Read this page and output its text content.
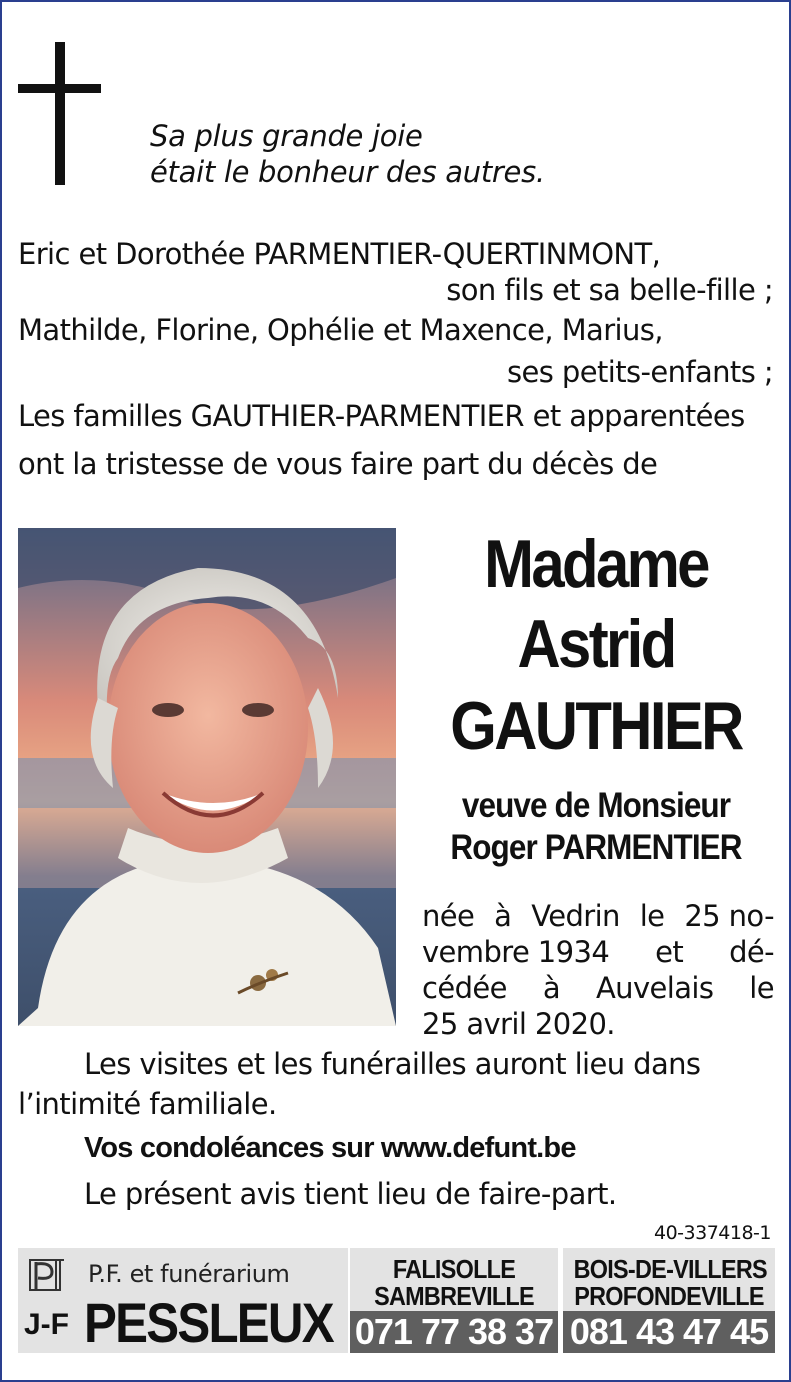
Sa plus grande joie
était le bonheur des autres.
Eric et Dorothée PARMENTIER-QUERTINMONT,
son fils et sa belle-fille ;
Mathilde, Florine, Ophélie et Maxence, Marius,
ses petits-enfants ;
Les familles GAUTHIER-PARMENTIER et apparentées
ont la tristesse de vous faire part du décès de
Madame
Astrid
GAUTHIER
veuve de Monsieur
Roger PARMENTIER
née à Vedrin le 25 no-
vembre 1934 et dé-
cédée à Auvelais le
25 avril 2020.
Les visites et les funérailles auront lieu dans
l’intimité familiale.
Vos condoléances sur www.defunt.be
Le présent avis tient lieu de faire-part.
40-337418-1
P.F. et funérarium
J-F PESSLEUX
FALISOLLE
SAMBREVILLE
071 77 38 37
BOIS-DE-VILLERS
PROFONDEVILLE
081 43 47 45
